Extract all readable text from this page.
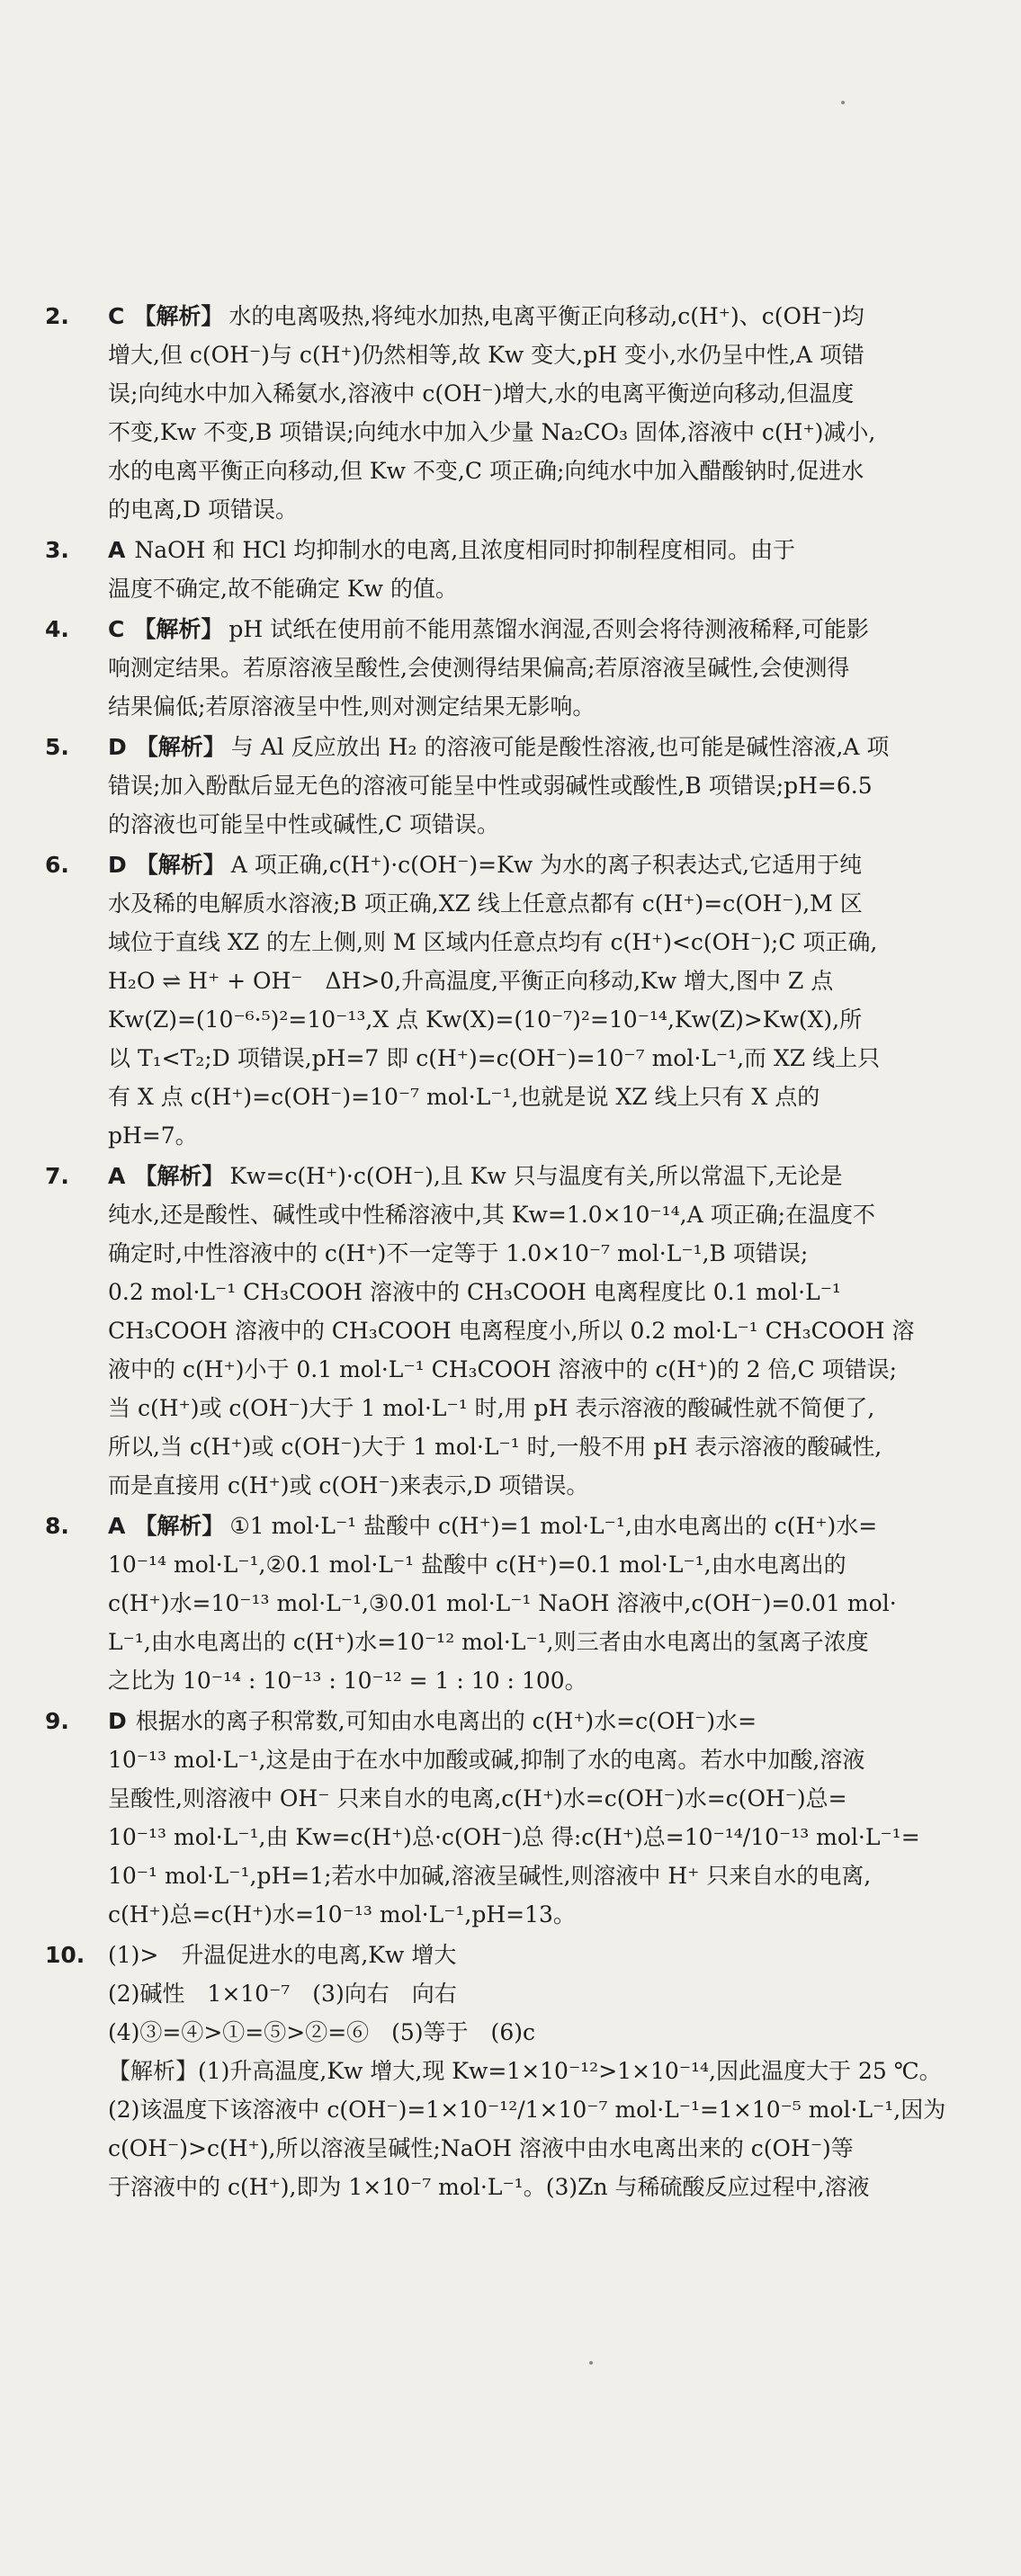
2.	C 【解析】 水的电离吸热,将纯水加热,电离平衡正向移动,c(H⁺)、c(OH⁻)均
增大,但 c(OH⁻)与 c(H⁺)仍然相等,故 Kw 变大,pH 变小,水仍呈中性,A 项错
误;向纯水中加入稀氨水,溶液中 c(OH⁻)增大,水的电离平衡逆向移动,但温度
不变,Kw 不变,B 项错误;向纯水中加入少量 Na₂CO₃ 固体,溶液中 c(H⁺)减小,
水的电离平衡正向移动,但 Kw 不变,C 项正确;向纯水中加入醋酸钠时,促进水
的电离,D 项错误。
3.	A NaOH 和 HCl 均抑制水的电离,且浓度相同时抑制程度相同。由于
温度不确定,故不能确定 Kw 的值。
4.	C 【解析】 pH 试纸在使用前不能用蒸馏水润湿,否则会将待测液稀释,可能影
响测定结果。若原溶液呈酸性,会使测得结果偏高;若原溶液呈碱性,会使测得
结果偏低;若原溶液呈中性,则对测定结果无影响。
5.	D 【解析】 与 Al 反应放出 H₂ 的溶液可能是酸性溶液,也可能是碱性溶液,A 项
错误;加入酚酞后显无色的溶液可能呈中性或弱碱性或酸性,B 项错误;pH=6.5
的溶液也可能呈中性或碱性,C 项错误。
6.	D 【解析】 A 项正确,c(H⁺)·c(OH⁻)=Kw 为水的离子积表达式,它适用于纯
水及稀的电解质水溶液;B 项正确,XZ 线上任意点都有 c(H⁺)=c(OH⁻),M 区
域位于直线 XZ 的左上侧,则 M 区域内任意点均有 c(H⁺)<c(OH⁻);C 项正确,
H₂O ⇌ H⁺ + OH⁻　ΔH>0,升高温度,平衡正向移动,Kw 增大,图中 Z 点
Kw(Z)=(10⁻⁶·⁵)²=10⁻¹³,X 点 Kw(X)=(10⁻⁷)²=10⁻¹⁴,Kw(Z)>Kw(X),所
以 T₁<T₂;D 项错误,pH=7 即 c(H⁺)=c(OH⁻)=10⁻⁷ mol·L⁻¹,而 XZ 线上只
有 X 点 c(H⁺)=c(OH⁻)=10⁻⁷ mol·L⁻¹,也就是说 XZ 线上只有 X 点的
pH=7。
7.	A 【解析】 Kw=c(H⁺)·c(OH⁻),且 Kw 只与温度有关,所以常温下,无论是
纯水,还是酸性、碱性或中性稀溶液中,其 Kw=1.0×10⁻¹⁴,A 项正确;在温度不
确定时,中性溶液中的 c(H⁺)不一定等于 1.0×10⁻⁷ mol·L⁻¹,B 项错误;
0.2 mol·L⁻¹ CH₃COOH 溶液中的 CH₃COOH 电离程度比 0.1 mol·L⁻¹
CH₃COOH 溶液中的 CH₃COOH 电离程度小,所以 0.2 mol·L⁻¹ CH₃COOH 溶
液中的 c(H⁺)小于 0.1 mol·L⁻¹ CH₃COOH 溶液中的 c(H⁺)的 2 倍,C 项错误;
当 c(H⁺)或 c(OH⁻)大于 1 mol·L⁻¹ 时,用 pH 表示溶液的酸碱性就不简便了,
所以,当 c(H⁺)或 c(OH⁻)大于 1 mol·L⁻¹ 时,一般不用 pH 表示溶液的酸碱性,
而是直接用 c(H⁺)或 c(OH⁻)来表示,D 项错误。
8.	A 【解析】 ①1 mol·L⁻¹ 盐酸中 c(H⁺)=1 mol·L⁻¹,由水电离出的 c(H⁺)水=
10⁻¹⁴ mol·L⁻¹,②0.1 mol·L⁻¹ 盐酸中 c(H⁺)=0.1 mol·L⁻¹,由水电离出的
c(H⁺)水=10⁻¹³ mol·L⁻¹,③0.01 mol·L⁻¹ NaOH 溶液中,c(OH⁻)=0.01 mol·
L⁻¹,由水电离出的 c(H⁺)水=10⁻¹² mol·L⁻¹,则三者由水电离出的氢离子浓度
之比为 10⁻¹⁴ : 10⁻¹³ : 10⁻¹² = 1 : 10 : 100。
9.	D 根据水的离子积常数,可知由水电离出的 c(H⁺)水=c(OH⁻)水=
10⁻¹³ mol·L⁻¹,这是由于在水中加酸或碱,抑制了水的电离。若水中加酸,溶液
呈酸性,则溶液中 OH⁻ 只来自水的电离,c(H⁺)水=c(OH⁻)水=c(OH⁻)总=
10⁻¹³ mol·L⁻¹,由 Kw=c(H⁺)总·c(OH⁻)总 得:c(H⁺)总=10⁻¹⁴/10⁻¹³ mol·L⁻¹=
10⁻¹ mol·L⁻¹,pH=1;若水中加碱,溶液呈碱性,则溶液中 H⁺ 只来自水的电离,
c(H⁺)总=c(H⁺)水=10⁻¹³ mol·L⁻¹,pH=13。
10.	(1)>　升温促进水的电离,Kw 增大
(2)碱性　1×10⁻⁷　(3)向右　向右
(4)③=④>①=⑤>②=⑥　(5)等于　(6)c
【解析】(1)升高温度,Kw 增大,现 Kw=1×10⁻¹²>1×10⁻¹⁴,因此温度大于 25 ℃。
(2)该温度下该溶液中 c(OH⁻)=1×10⁻¹²/1×10⁻⁷ mol·L⁻¹=1×10⁻⁵ mol·L⁻¹,因为
c(OH⁻)>c(H⁺),所以溶液呈碱性;NaOH 溶液中由水电离出来的 c(OH⁻)等
于溶液中的 c(H⁺),即为 1×10⁻⁷ mol·L⁻¹。(3)Zn 与稀硫酸反应过程中,溶液
